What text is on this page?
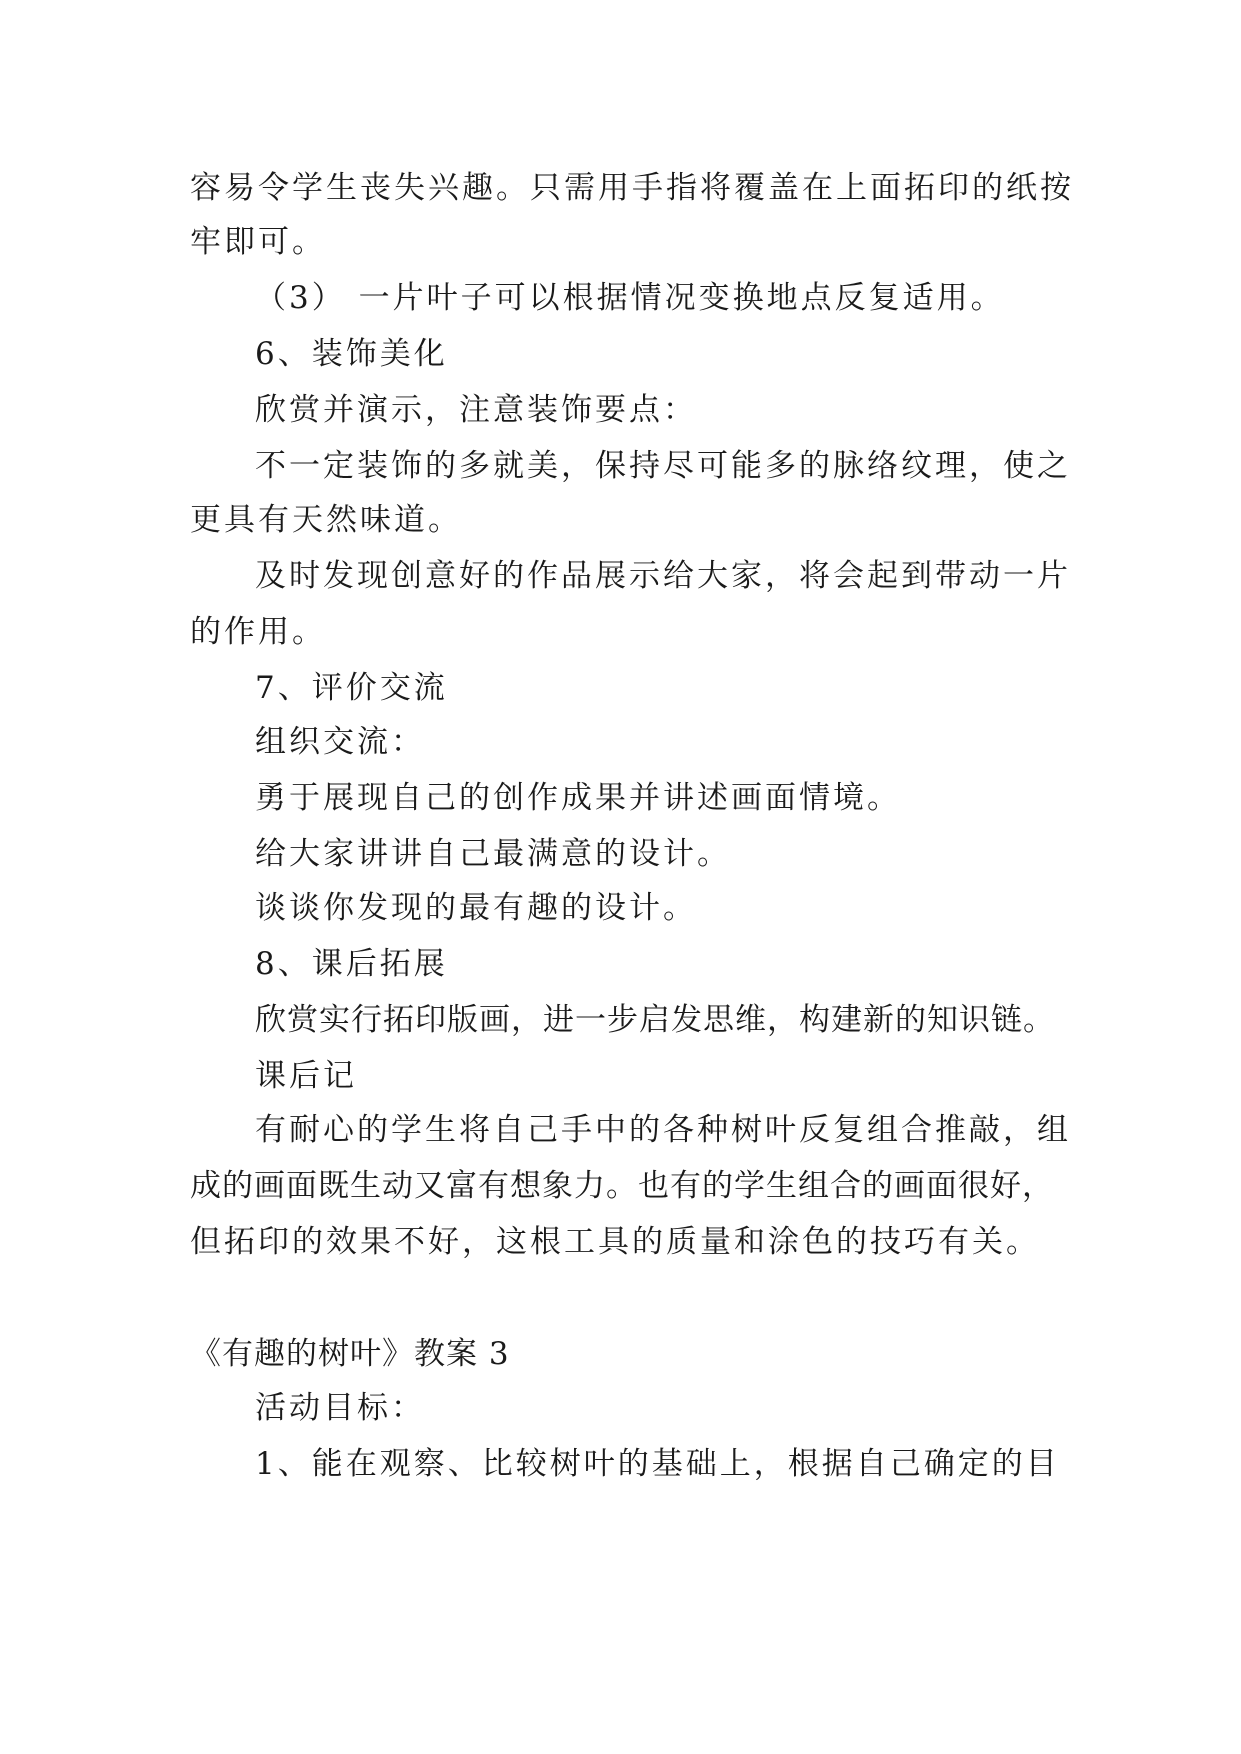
容易令学生丧失兴趣。只需用手指将覆盖在上面拓印的纸按
牢即可。
（3） 一片叶子可以根据情况变换地点反复适用。
6、装饰美化
欣赏并演示，注意装饰要点：
不一定装饰的多就美，保持尽可能多的脉络纹理，使之
更具有天然味道。
及时发现创意好的作品展示给大家，将会起到带动一片
的作用。
7、评价交流
组织交流：
勇于展现自己的创作成果并讲述画面情境。
给大家讲讲自己最满意的设计。
谈谈你发现的最有趣的设计。
8、课后拓展
欣赏实行拓印版画，进一步启发思维，构建新的知识链。
课后记
有耐心的学生将自己手中的各种树叶反复组合推敲，组
成的画面既生动又富有想象力。也有的学生组合的画面很好，
但拓印的效果不好，这根工具的质量和涂色的技巧有关。
《有趣的树叶》教案 3
活动目标：
1、能在观察、比较树叶的基础上，根据自己确定的目
